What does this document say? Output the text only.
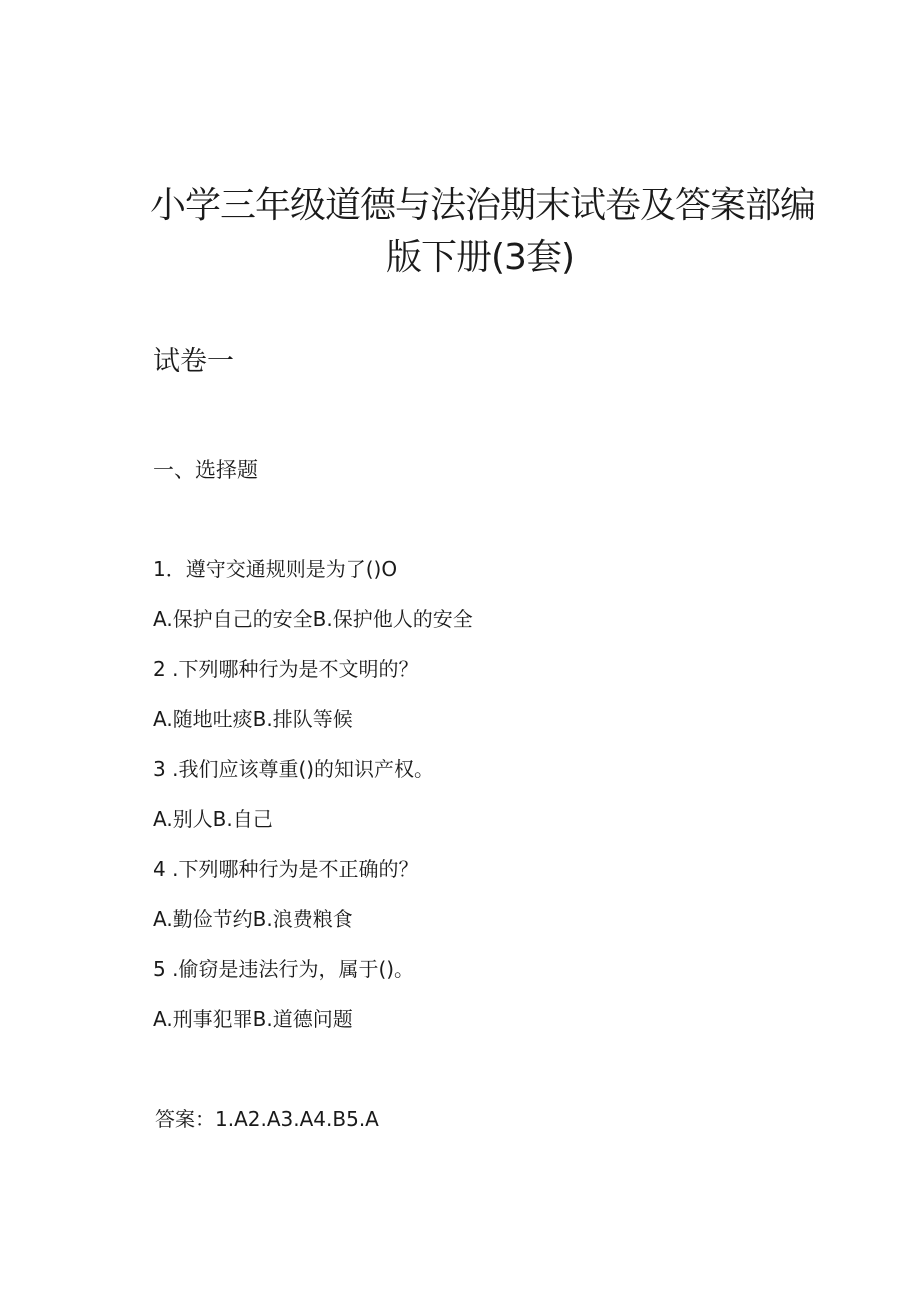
小学三年级道德与法治期末试卷及答案部编
版下册(3套)
试卷一
一、选择题
1．遵守交通规则是为了()O
A.保护自己的安全B.保护他人的安全
2 .下列哪种行为是不文明的？
A.随地吐痰B.排队等候
3 .我们应该尊重()的知识产权。
A.别人B.自己
4 .下列哪种行为是不正确的？
A.勤俭节约B.浪费粮食
5 .偷窃是违法行为，属于()。
A.刑事犯罪B.道德问题
答案：1.A2.A3.A4.B5.A
